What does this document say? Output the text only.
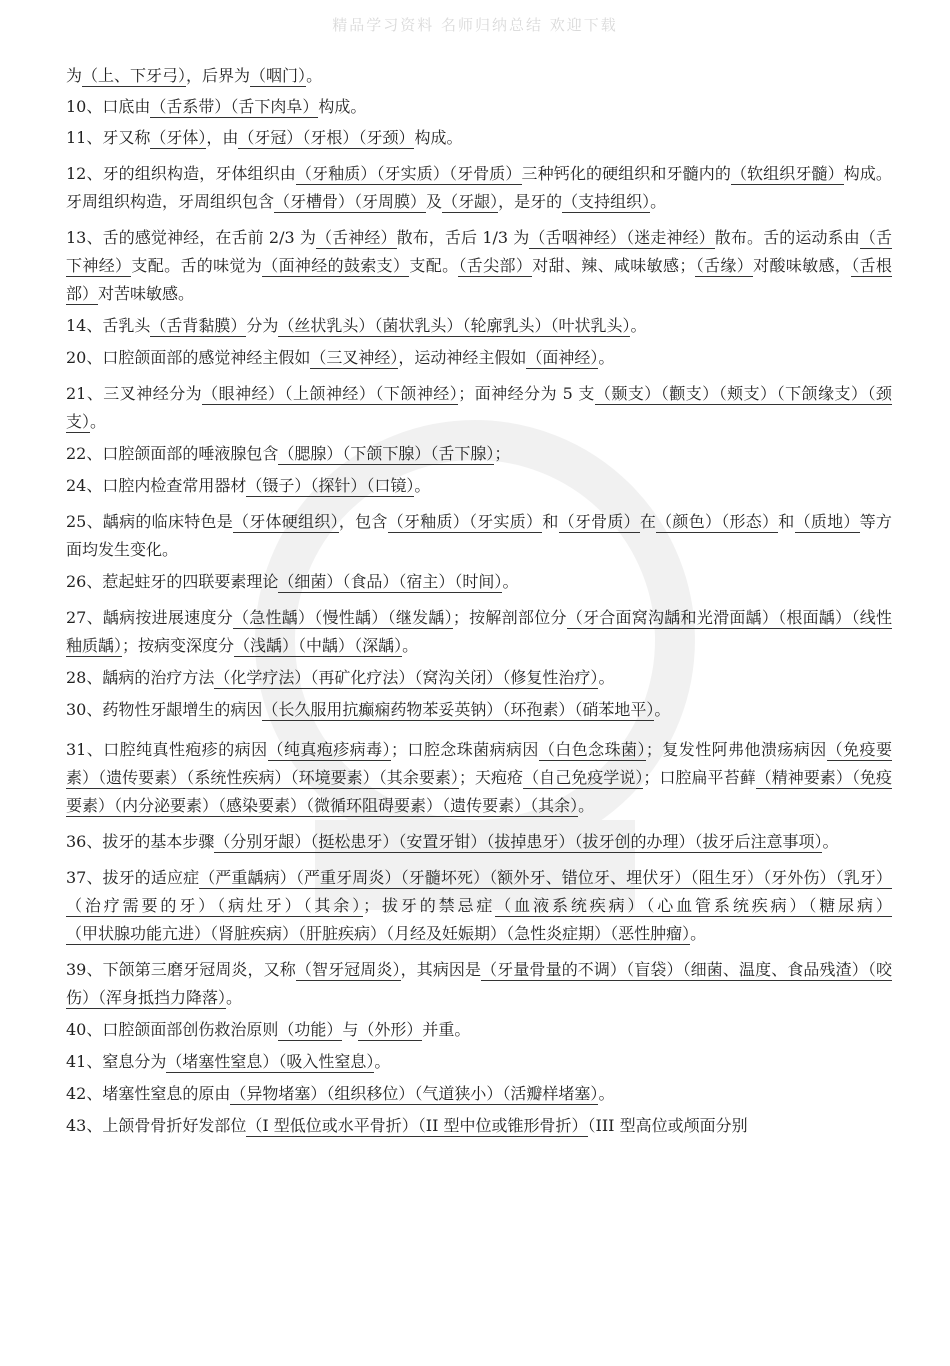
精品学习资料 名师归纳总结 欢迎下载

为（上、下牙弓），后界为（咽门）。

10、口底由（舌系带）（舌下肉阜）构成。

11、牙又称（牙体），由（牙冠）（牙根）（牙颈）构成。

12、牙的组织构造，牙体组织由（牙釉质）（牙实质）（牙骨质）三种钙化的硬组织和牙髓内的（软组织牙髓）构成。牙周组织构造，牙周组织包含（牙槽骨）（牙周膜）及（牙龈），是牙的（支持组织）。

13、舌的感觉神经，在舌前 2/3 为（舌神经）散布，舌后 1/3 为（舌咽神经）（迷走神经）散布。舌的运动系由（舌下神经）支配。舌的味觉为（面神经的鼓索支）支配。（舌尖部）对甜、辣、咸味敏感；（舌缘）对酸味敏感，（舌根部）对苦味敏感。

14、舌乳头（舌背黏膜）分为（丝状乳头）（菌状乳头）（轮廓乳头）（叶状乳头）。

20、口腔颌面部的感觉神经主假如（三叉神经），运动神经主假如（面神经）。

21、三叉神经分为（眼神经）（上颌神经）（下颌神经）；面神经分为 5 支（颞支）（颧支）（颊支）（下颌缘支）（颈支）。

22、口腔颌面部的唾液腺包含（腮腺）（下颌下腺）（舌下腺）；

24、口腔内检查常用器材（镊子）（探针）（口镜）。

25、龋病的临床特色是（牙体硬组织），包含（牙釉质）（牙实质）和（牙骨质）在（颜色）（形态）和（质地）等方面均发生变化。

26、惹起蛀牙的四联要素理论（细菌）（食品）（宿主）（时间）。

27、龋病按进展速度分（急性龋）（慢性龋）（继发龋）；按解剖部位分（牙合面窝沟龋和光滑面龋）（根面龋）（线性釉质龋）；按病变深度分（浅龋）（中龋）（深龋）。

28、龋病的治疗方法（化学疗法）（再矿化疗法）（窝沟关闭）（修复性治疗）。

30、药物性牙龈增生的病因（长久服用抗癫痫药物苯妥英钠）（环孢素）（硝苯地平）。

31、口腔纯真性疱疹的病因（纯真疱疹病毒）；口腔念珠菌病病因（白色念珠菌）；复发性阿弗他溃疡病因（免疫要素）（遗传要素）（系统性疾病）（环境要素）（其余要素）；天疱疮（自己免疫学说）；口腔扁平苔藓（精神要素）（免疫要素）（内分泌要素）（感染要素）（微循环阻碍要素）（遗传要素）（其余）。

36、拔牙的基本步骤（分别牙龈）（挺松患牙）（安置牙钳）（拔掉患牙）（拔牙创的办理）（拔牙后注意事项）。

37、拔牙的适应症（严重龋病）（严重牙周炎）（牙髓坏死）（额外牙、错位牙、埋伏牙）（阻生牙）（牙外伤）（乳牙）（治疗需要的牙）（病灶牙）（其余）；拔牙的禁忌症（血液系统疾病）（心血管系统疾病）（糖尿病）（甲状腺功能亢进）（肾脏疾病）（肝脏疾病）（月经及妊娠期）（急性炎症期）（恶性肿瘤）。

39、下颌第三磨牙冠周炎，又称（智牙冠周炎），其病因是（牙量骨量的不调）（盲袋）（细菌、温度、食品残渣）（咬伤）（浑身抵挡力降落）。

40、口腔颌面部创伤救治原则（功能）与（外形）并重。

41、窒息分为（堵塞性窒息）（吸入性窒息）。

42、堵塞性窒息的原由（异物堵塞）（组织移位）（气道狭小）（活瓣样堵塞）。

43、上颌骨骨折好发部位（I 型低位或水平骨折）（II 型中位或锥形骨折）（III 型高位或颅面分别
